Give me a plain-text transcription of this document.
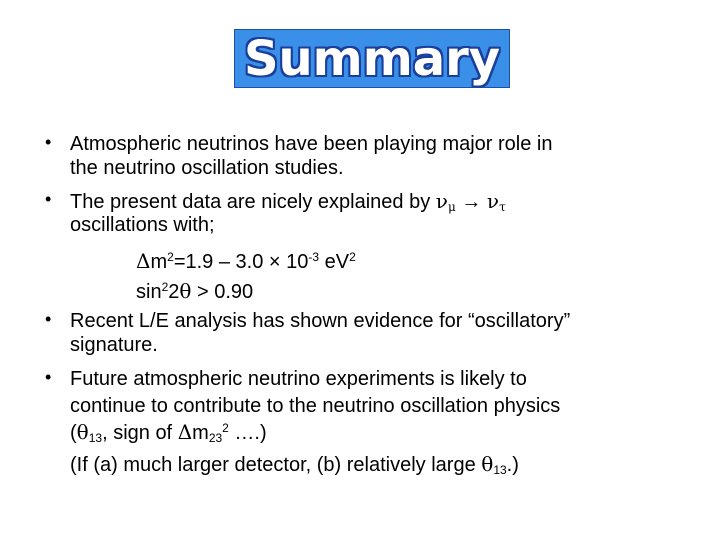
Summary
• Atmospheric neutrinos have been playing major role in
the neutrino oscillation studies.
• The present data are nicely explained by $\nu_\mu \to \nu_\tau$
oscillations with;
$\Delta m^2=1.9 - 3.0 \times 10^{-3}$ $eV^2$
$\sin^22\theta > 0.90$
• Recent L/E analysis has shown evidence for “oscillatory”
signature.
• Future atmospheric neutrino experiments is likely to
continue to contribute to the neutrino oscillation physics
($\theta_{13}$, sign of $\Delta m_{23}^2$ ….)
(If (a) much larger detector, (b) relatively large $\theta_{13}$.)
